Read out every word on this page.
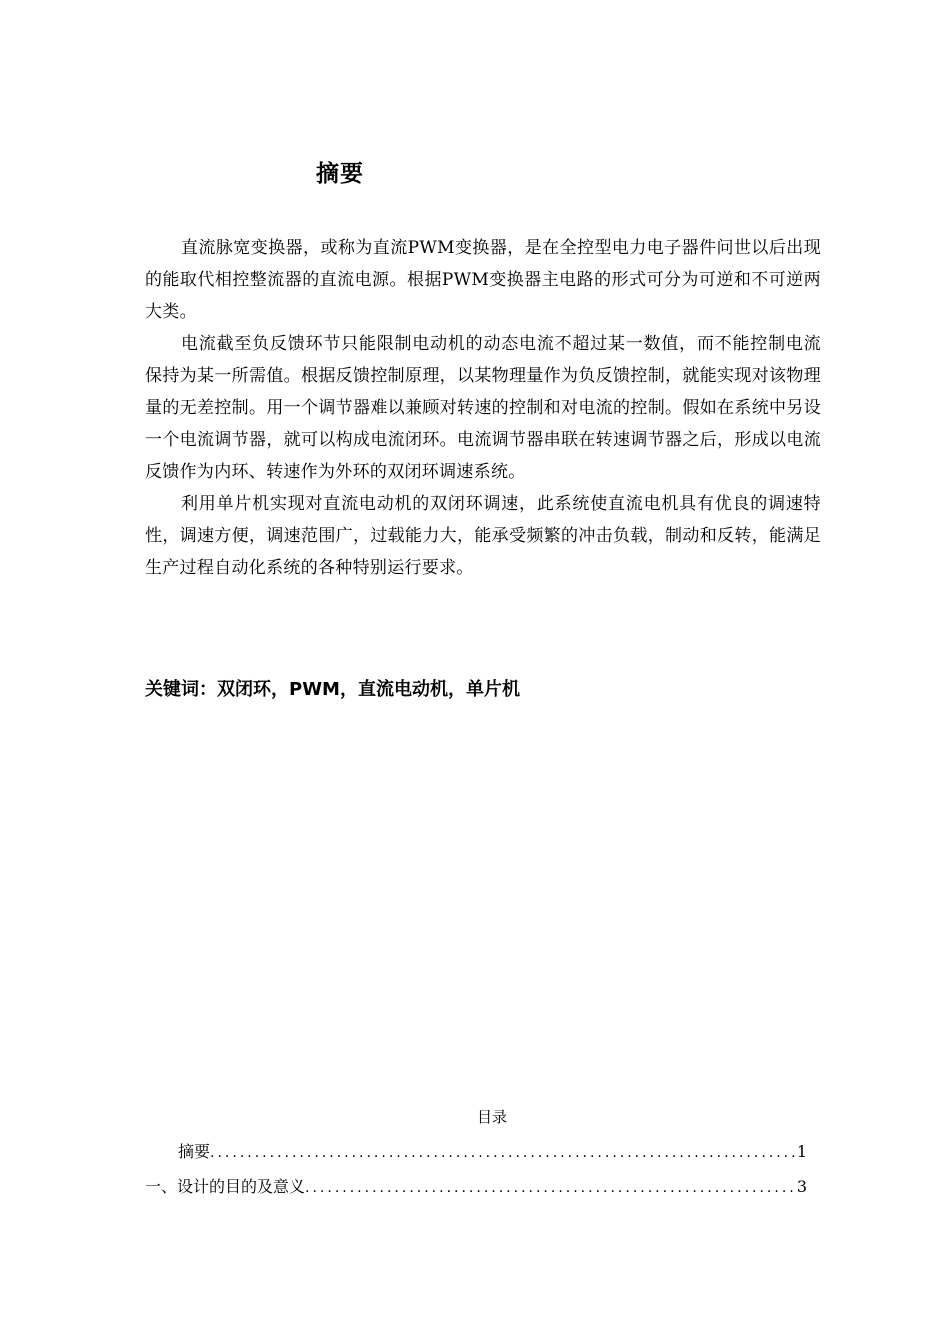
摘要

直流脉宽变换器，或称为直流PWM变换器，是在全控型电力电子器件问世以后出现的能取代相控整流器的直流电源。根据PWM变换器主电路的形式可分为可逆和不可逆两大类。

电流截至负反馈环节只能限制电动机的动态电流不超过某一数值，而不能控制电流保持为某一所需值。根据反馈控制原理，以某物理量作为负反馈控制，就能实现对该物理量的无差控制。用一个调节器难以兼顾对转速的控制和对电流的控制。假如在系统中另设一个电流调节器，就可以构成电流闭环。电流调节器串联在转速调节器之后，形成以电流反馈作为内环、转速作为外环的双闭环调速系统。

利用单片机实现对直流电动机的双闭环调速，此系统使直流电机具有优良的调速特性，调速方便，调速范围广，过载能力大，能承受频繁的冲击负载，制动和反转，能满足生产过程自动化系统的各种特别运行要求。

关键词：双闭环，PWM，直流电动机，单片机
目录
摘要 .....	1
一、设计的目的及意义 .....	3
